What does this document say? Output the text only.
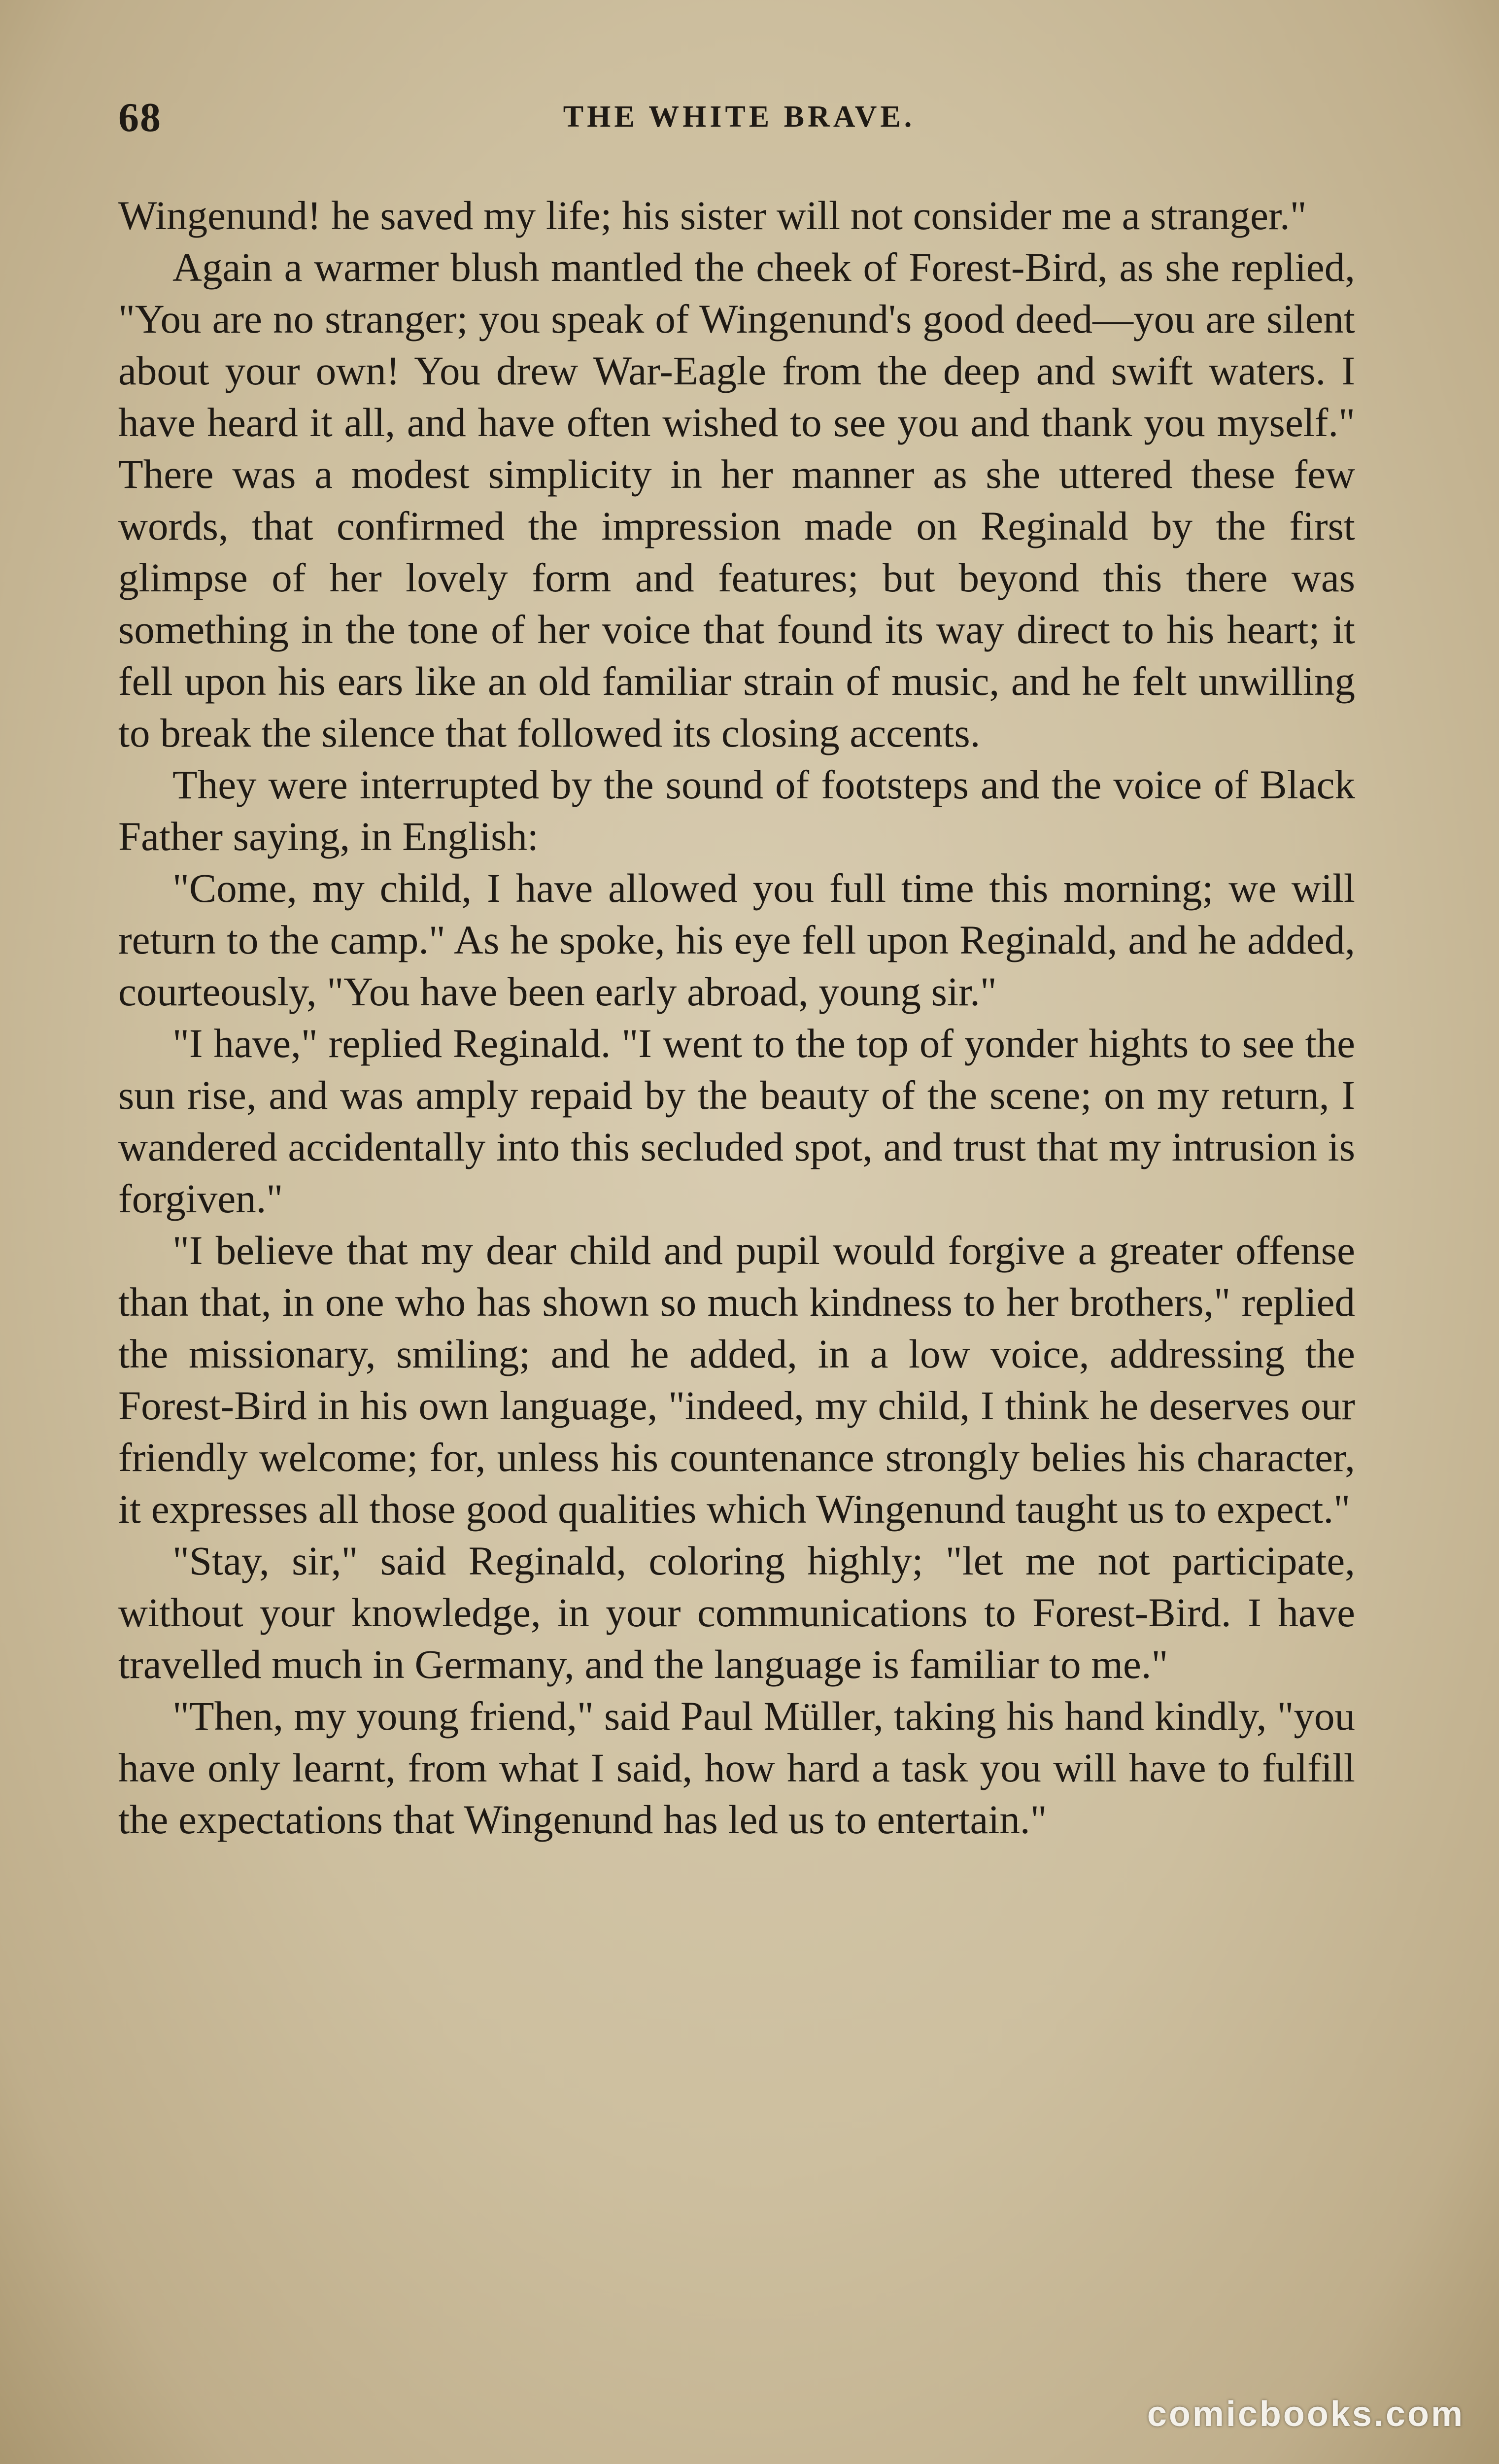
68	THE WHITE BRAVE.

Wingenund! he saved my life; his sister will not consider me a stranger."

Again a warmer blush mantled the cheek of Forest-Bird, as she replied, "You are no stranger; you speak of Wingenund's good deed—you are silent about your own! You drew War-Eagle from the deep and swift waters. I have heard it all, and have often wished to see you and thank you myself." There was a modest simplicity in her manner as she uttered these few words, that confirmed the impression made on Reginald by the first glimpse of her lovely form and features; but beyond this there was something in the tone of her voice that found its way direct to his heart; it fell upon his ears like an old familiar strain of music, and he felt unwilling to break the silence that followed its closing accents.

They were interrupted by the sound of footsteps and the voice of Black Father saying, in English:

"Come, my child, I have allowed you full time this morning; we will return to the camp." As he spoke, his eye fell upon Reginald, and he added, courteously, "You have been early abroad, young sir."

"I have," replied Reginald. "I went to the top of yonder hights to see the sun rise, and was amply repaid by the beauty of the scene; on my return, I wandered accidentally into this secluded spot, and trust that my intrusion is forgiven."

"I believe that my dear child and pupil would forgive a greater offense than that, in one who has shown so much kindness to her brothers," replied the missionary, smiling; and he added, in a low voice, addressing the Forest-Bird in his own language, "indeed, my child, I think he deserves our friendly welcome; for, unless his countenance strongly belies his character, it expresses all those good qualities which Wingenund taught us to expect."

"Stay, sir," said Reginald, coloring highly; "let me not participate, without your knowledge, in your communications to Forest-Bird. I have travelled much in Germany, and the language is familiar to me."

"Then, my young friend," said Paul Müller, taking his hand kindly, "you have only learnt, from what I said, how hard a task you will have to fulfill the expectations that Wingenund has led us to entertain."

comicbooks.com
